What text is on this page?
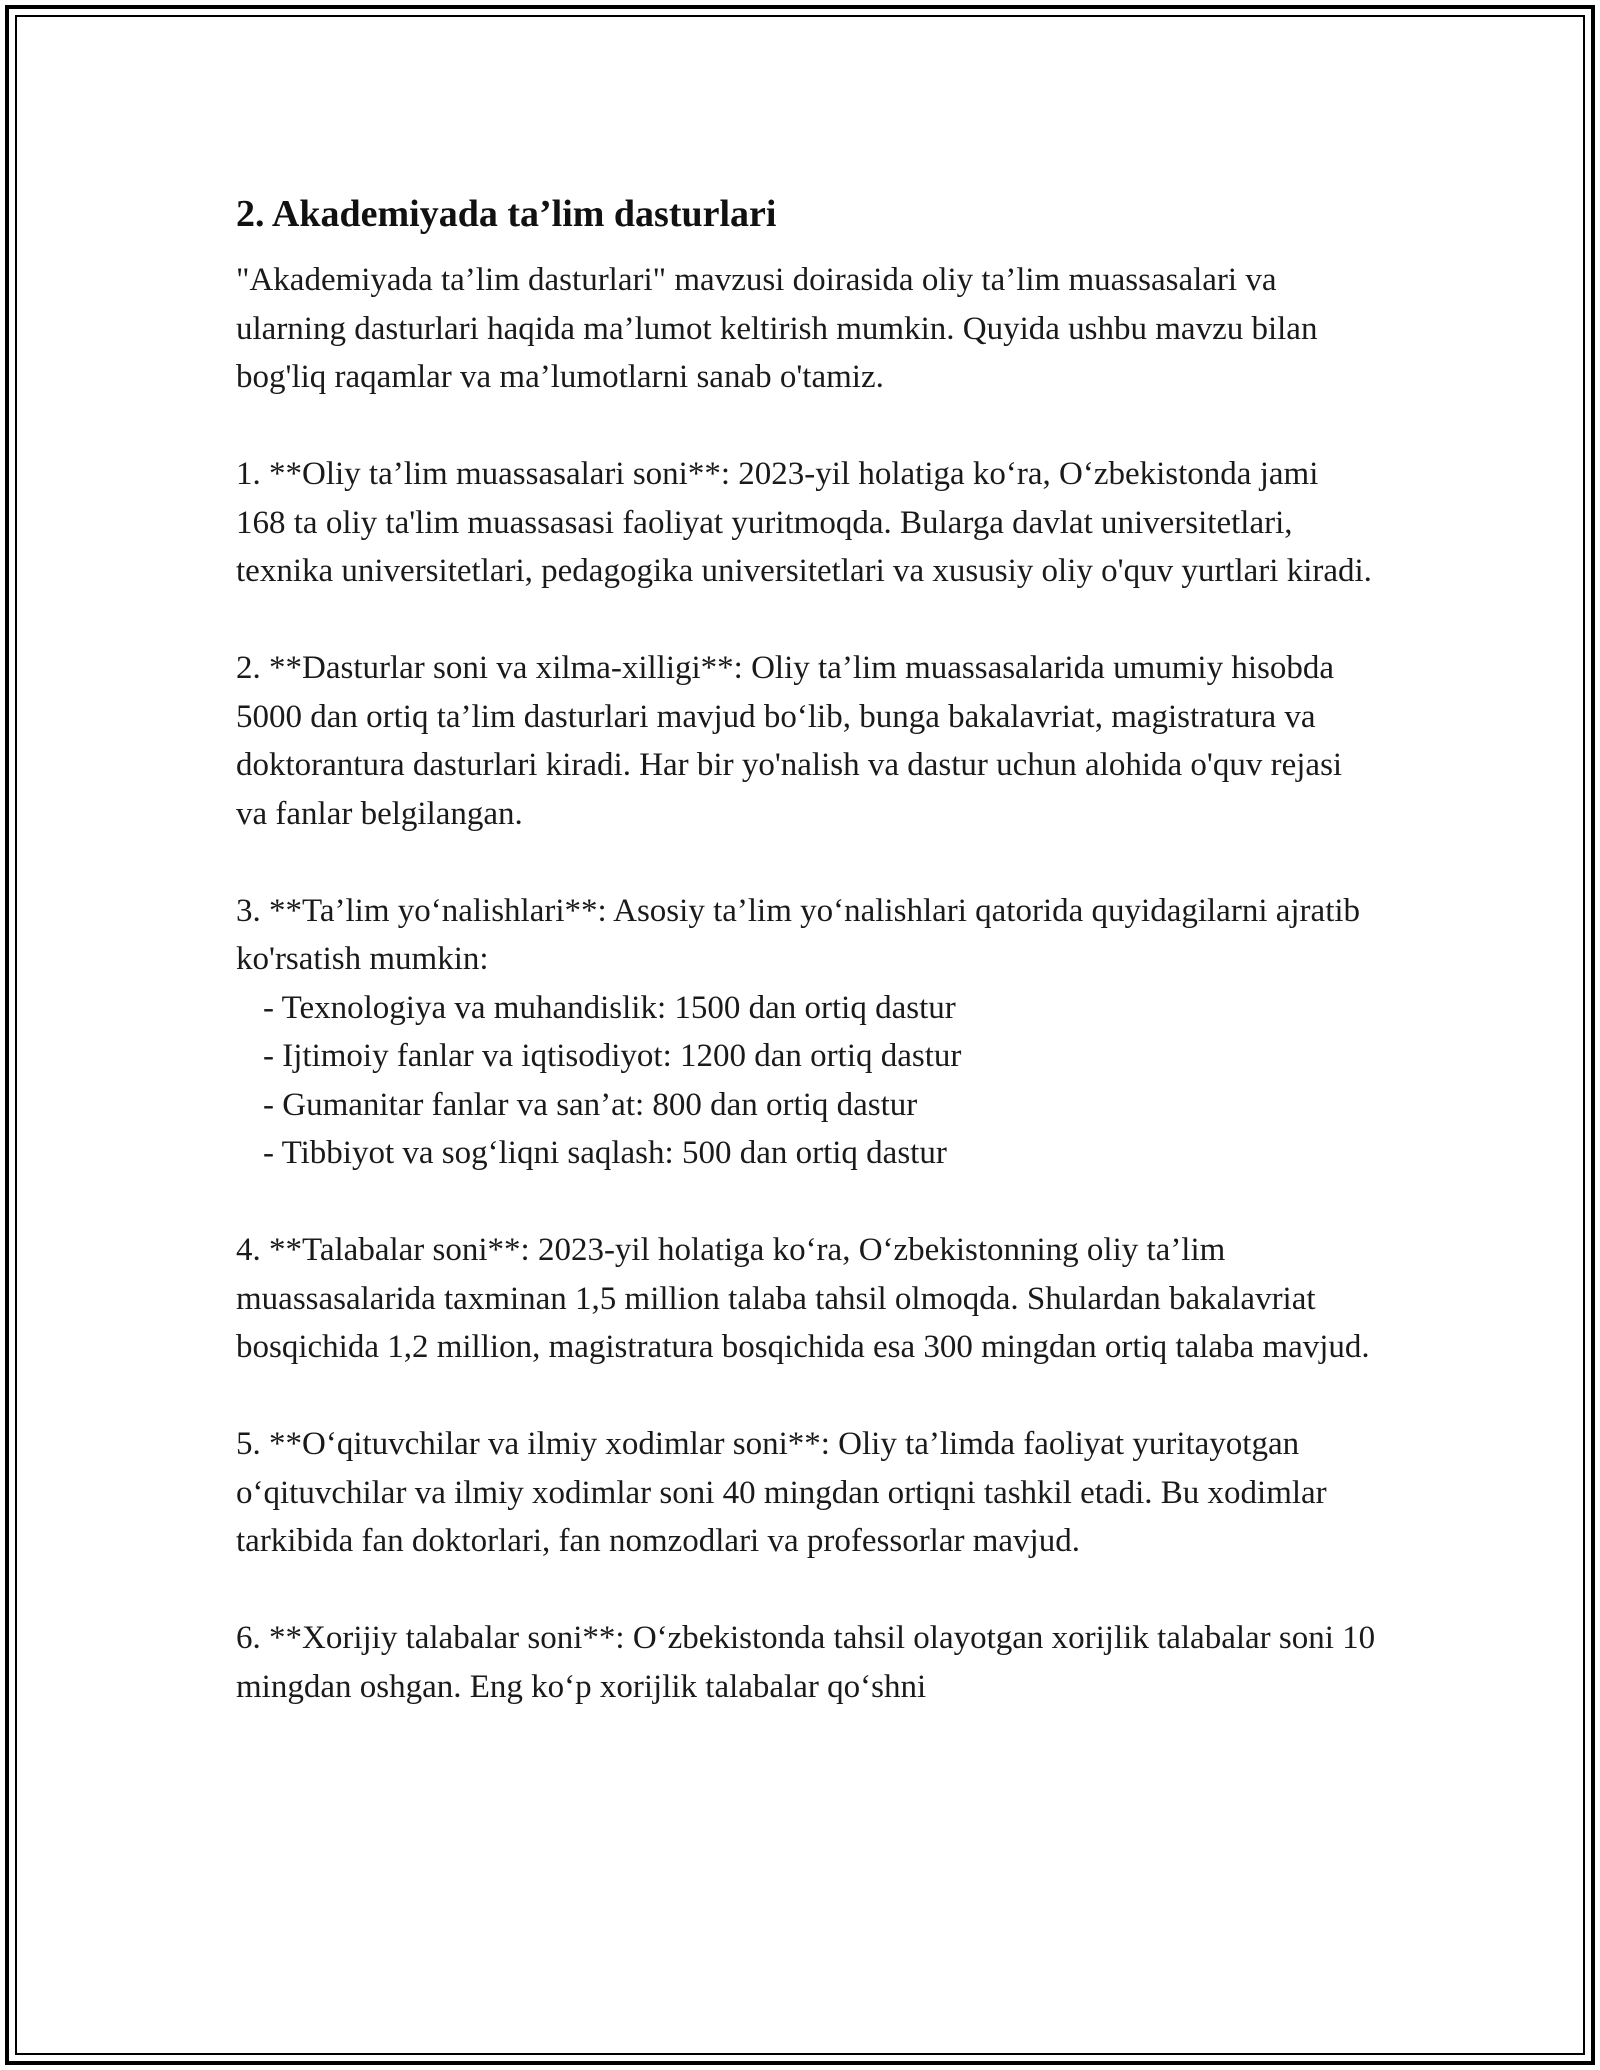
2. Akademiyada ta’lim dasturlari

"Akademiyada ta’lim dasturlari" mavzusi doirasida oliy ta’lim muassasalari va ularning dasturlari haqida ma’lumot keltirish mumkin. Quyida ushbu mavzu bilan bog'liq raqamlar va ma’lumotlarni sanab o'tamiz.

1. **Oliy ta’lim muassasalari soni**: 2023-yil holatiga ko‘ra, O‘zbekistonda jami 168 ta oliy ta'lim muassasasi faoliyat yuritmoqda. Bularga davlat universitetlari, texnika universitetlari, pedagogika universitetlari va xususiy oliy o'quv yurtlari kiradi.

2. **Dasturlar soni va xilma-xilligi**: Oliy ta’lim muassasalarida umumiy hisobda 5000 dan ortiq ta’lim dasturlari mavjud bo‘lib, bunga bakalavriat, magistratura va doktorantura dasturlari kiradi. Har bir yo'nalish va dastur uchun alohida o'quv rejasi va fanlar belgilangan.

3. **Ta’lim yo‘nalishlari**: Asosiy ta’lim yo‘nalishlari qatorida quyidagilarni ajratib ko'rsatish mumkin:

- Texnologiya va muhandislik: 1500 dan ortiq dastur

- Ijtimoiy fanlar va iqtisodiyot: 1200 dan ortiq dastur

- Gumanitar fanlar va san’at: 800 dan ortiq dastur

- Tibbiyot va sog‘liqni saqlash: 500 dan ortiq dastur

4. **Talabalar soni**: 2023-yil holatiga ko‘ra, O‘zbekistonning oliy ta’lim muassasalarida taxminan 1,5 million talaba tahsil olmoqda. Shulardan bakalavriat bosqichida 1,2 million, magistratura bosqichida esa 300 mingdan ortiq talaba mavjud.

5. **O‘qituvchilar va ilmiy xodimlar soni**: Oliy ta’limda faoliyat yuritayotgan o‘qituvchilar va ilmiy xodimlar soni 40 mingdan ortiqni tashkil etadi. Bu xodimlar tarkibida fan doktorlari, fan nomzodlari va professorlar mavjud.

6. **Xorijiy talabalar soni**: O‘zbekistonda tahsil olayotgan xorijlik talabalar soni 10 mingdan oshgan. Eng ko‘p xorijlik talabalar qo‘shni
